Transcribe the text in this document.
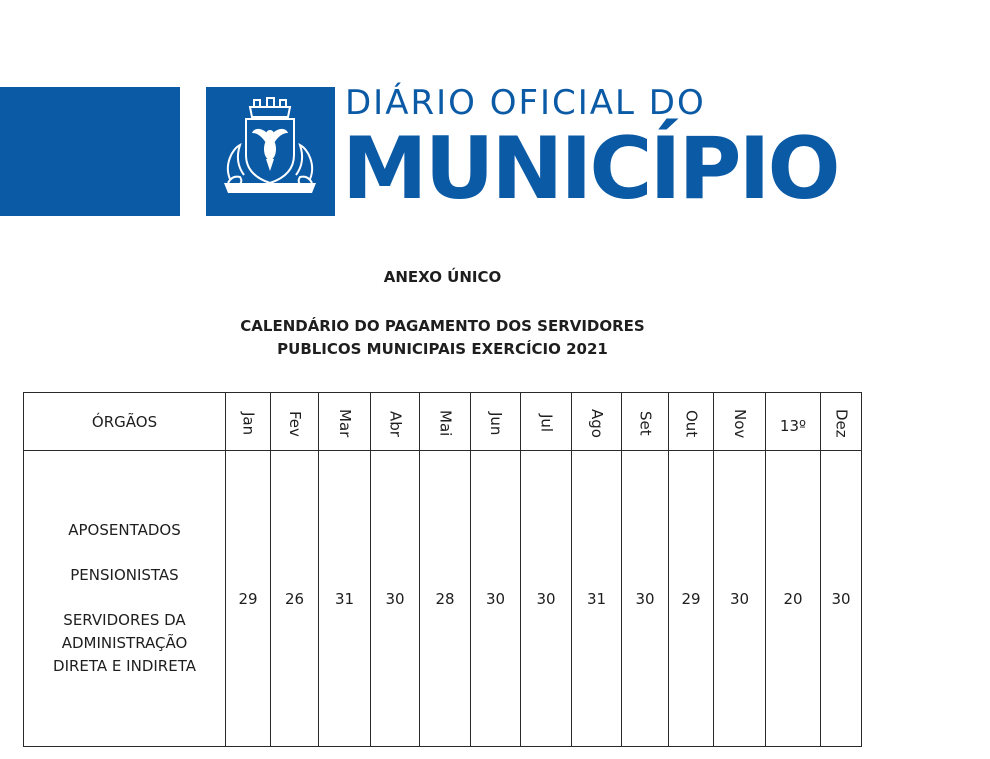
DIÁRIO OFICIAL DO
MUNICÍPIO
ANEXO ÚNICO
CALENDÁRIO DO PAGAMENTO DOS SERVIDORES
PUBLICOS MUNICIPAIS EXERCÍCIO 2021
ÓRGÃOS	Jan	Fev	Mar	Abr	Mai	Jun	Jul	Ago	Set	Out	Nov	13º	Dez

APOSENTADOS

PENSIONISTAS

SERVIDORES DA

ADMINISTRAÇÃO

DIRETA E INDIRETA	29	26	31	30	28	30	30	31	30	29	30	20	30
